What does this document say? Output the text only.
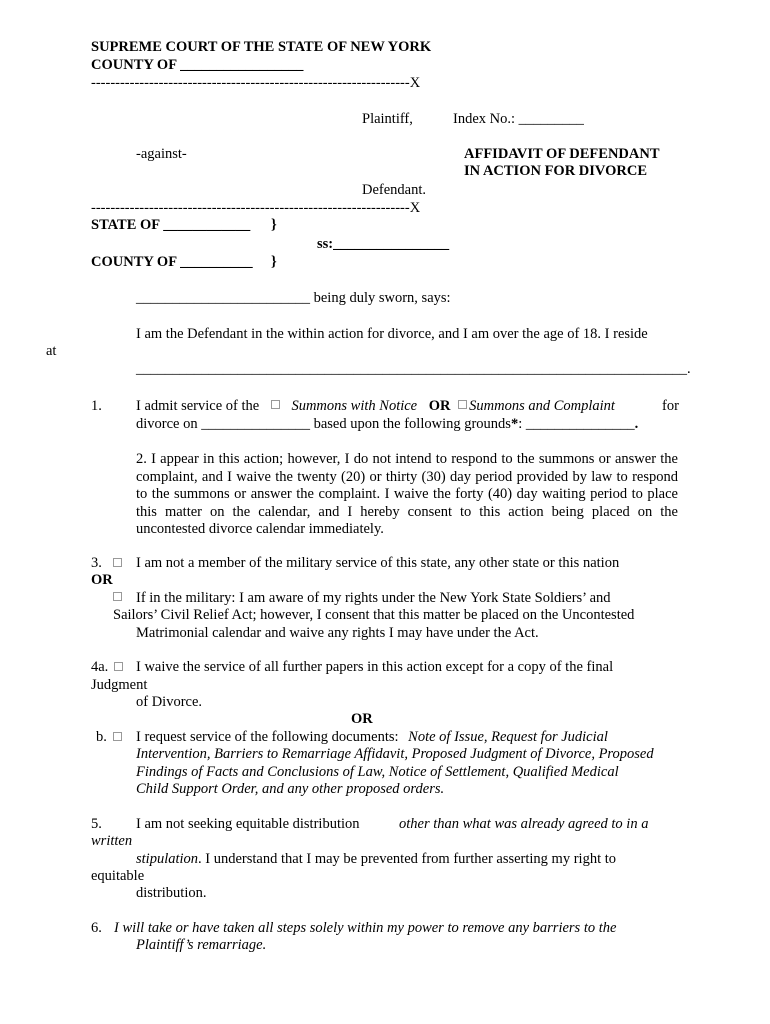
SUPREME COURT OF THE STATE OF NEW YORK
COUNTY OF _________________
------------------------------------------------------------------X
Plaintiff,	Index No.: _________
-against-	AFFIDAVIT OF DEFENDANT
IN ACTION FOR DIVORCE
Defendant.
------------------------------------------------------------------X
STATE OF ____________ }
ss:________________
COUNTY OF __________ }
________________________ being duly sworn, says:
I am the Defendant in the within action for divorce, and I am over the age of 18. I reside
at
____________________________________________________________________________.
1. I admit service of the Summons with Notice OR Summons and Complaint	for
divorce on _______________ based upon the following grounds*: _______________.
2. I appear in this action; however, I do not intend to respond to the summons or answer the complaint, and I waive the twenty (20) or thirty (30) day period provided by law to respond to the summons or answer the complaint. I waive the forty (40) day waiting period to place this matter on the calendar, and I hereby consent to this action being placed on the uncontested divorce calendar immediately.
3. I am not a member of the military service of this state, any other state or this nation
OR
If in the military: I am aware of my rights under the New York State Soldiers’ and
Sailors’ Civil Relief Act; however, I consent that this matter be placed on the Uncontested
Matrimonial calendar and waive any rights I may have under the Act.
4a. I waive the service of all further papers in this action except for a copy of the final
Judgment
of Divorce.
OR
b. I request service of the following documents: Note of Issue, Request for Judicial
Intervention, Barriers to Remarriage Affidavit, Proposed Judgment of Divorce, Proposed
Findings of Facts and Conclusions of Law, Notice of Settlement, Qualified Medical
Child Support Order, and any other proposed orders.
5. I am not seeking equitable distribution	other than what was already agreed to in a
written
stipulation. I understand that I may be prevented from further asserting my right to
equitable
distribution.
6. I will take or have taken all steps solely within my power to remove any barriers to the
Plaintiff’s remarriage.
